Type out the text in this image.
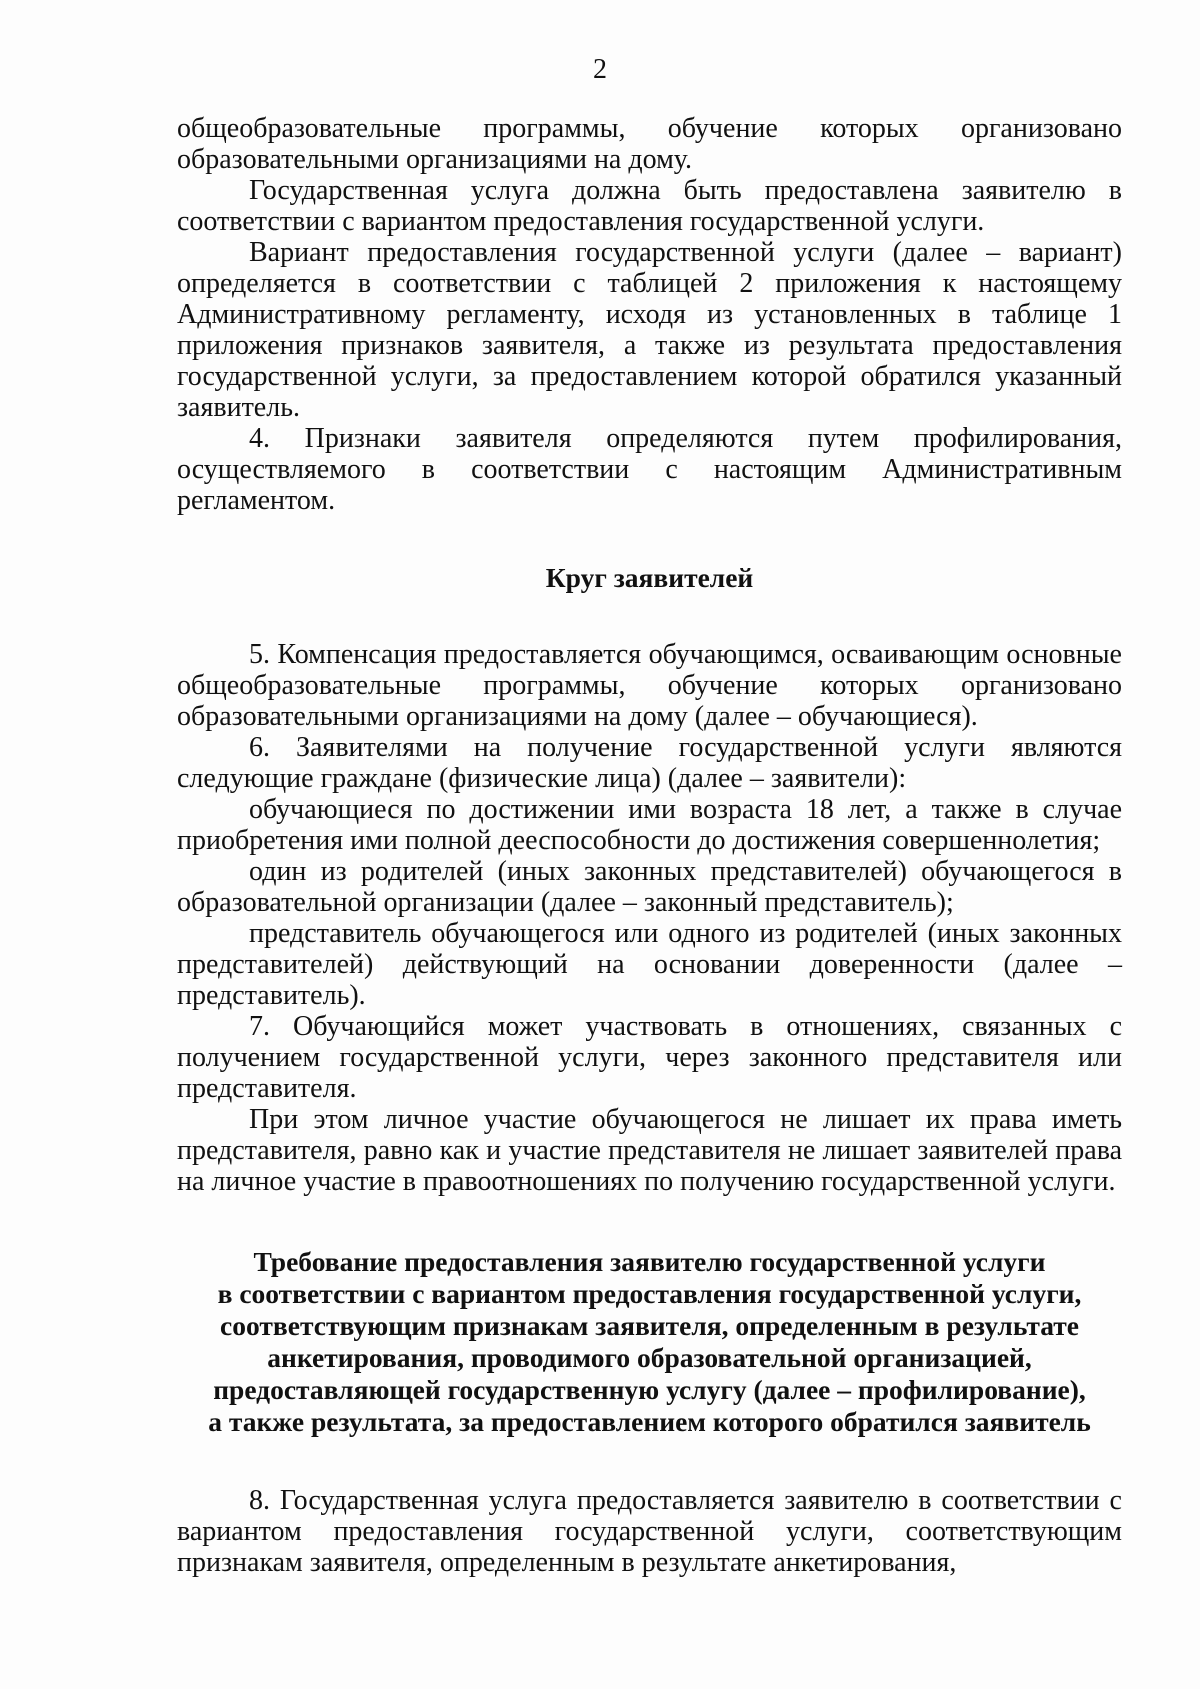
2

общеобразовательные программы, обучение которых организовано образовательными организациями на дому.

Государственная услуга должна быть предоставлена заявителю в соответствии с вариантом предоставления государственной услуги.

Вариант предоставления государственной услуги (далее – вариант) определяется в соответствии с таблицей 2 приложения к настоящему Административному регламенту, исходя из установленных в таблице 1 приложения признаков заявителя, а также из результата предоставления государственной услуги, за предоставлением которой обратился указанный заявитель.

4. Признаки заявителя определяются путем профилирования, осуществляемого в соответствии с настоящим Административным регламентом.

Круг заявителей

5. Компенсация предоставляется обучающимся, осваивающим основные общеобразовательные программы, обучение которых организовано образовательными организациями на дому (далее – обучающиеся).

6. Заявителями на получение государственной услуги являются следующие граждане (физические лица) (далее – заявители):

обучающиеся по достижении ими возраста 18 лет, а также в случае приобретения ими полной дееспособности до достижения совершеннолетия;

один из родителей (иных законных представителей) обучающегося в образовательной организации (далее – законный представитель);

представитель обучающегося или одного из родителей (иных законных представителей) действующий на основании доверенности (далее – представитель).

7. Обучающийся может участвовать в отношениях, связанных с получением государственной услуги, через законного представителя или представителя.

При этом личное участие обучающегося не лишает их права иметь представителя, равно как и участие представителя не лишает заявителей права на личное участие в правоотношениях по получению государственной услуги.

Требование предоставления заявителю государственной услуги
в соответствии с вариантом предоставления государственной услуги,
соответствующим признакам заявителя, определенным в результате
анкетирования, проводимого образовательной организацией,
предоставляющей государственную услугу (далее – профилирование),
а также результата, за предоставлением которого обратился заявитель

8. Государственная услуга предоставляется заявителю в соответствии с вариантом предоставления государственной услуги, соответствующим признакам заявителя, определенным в результате анкетирования,
